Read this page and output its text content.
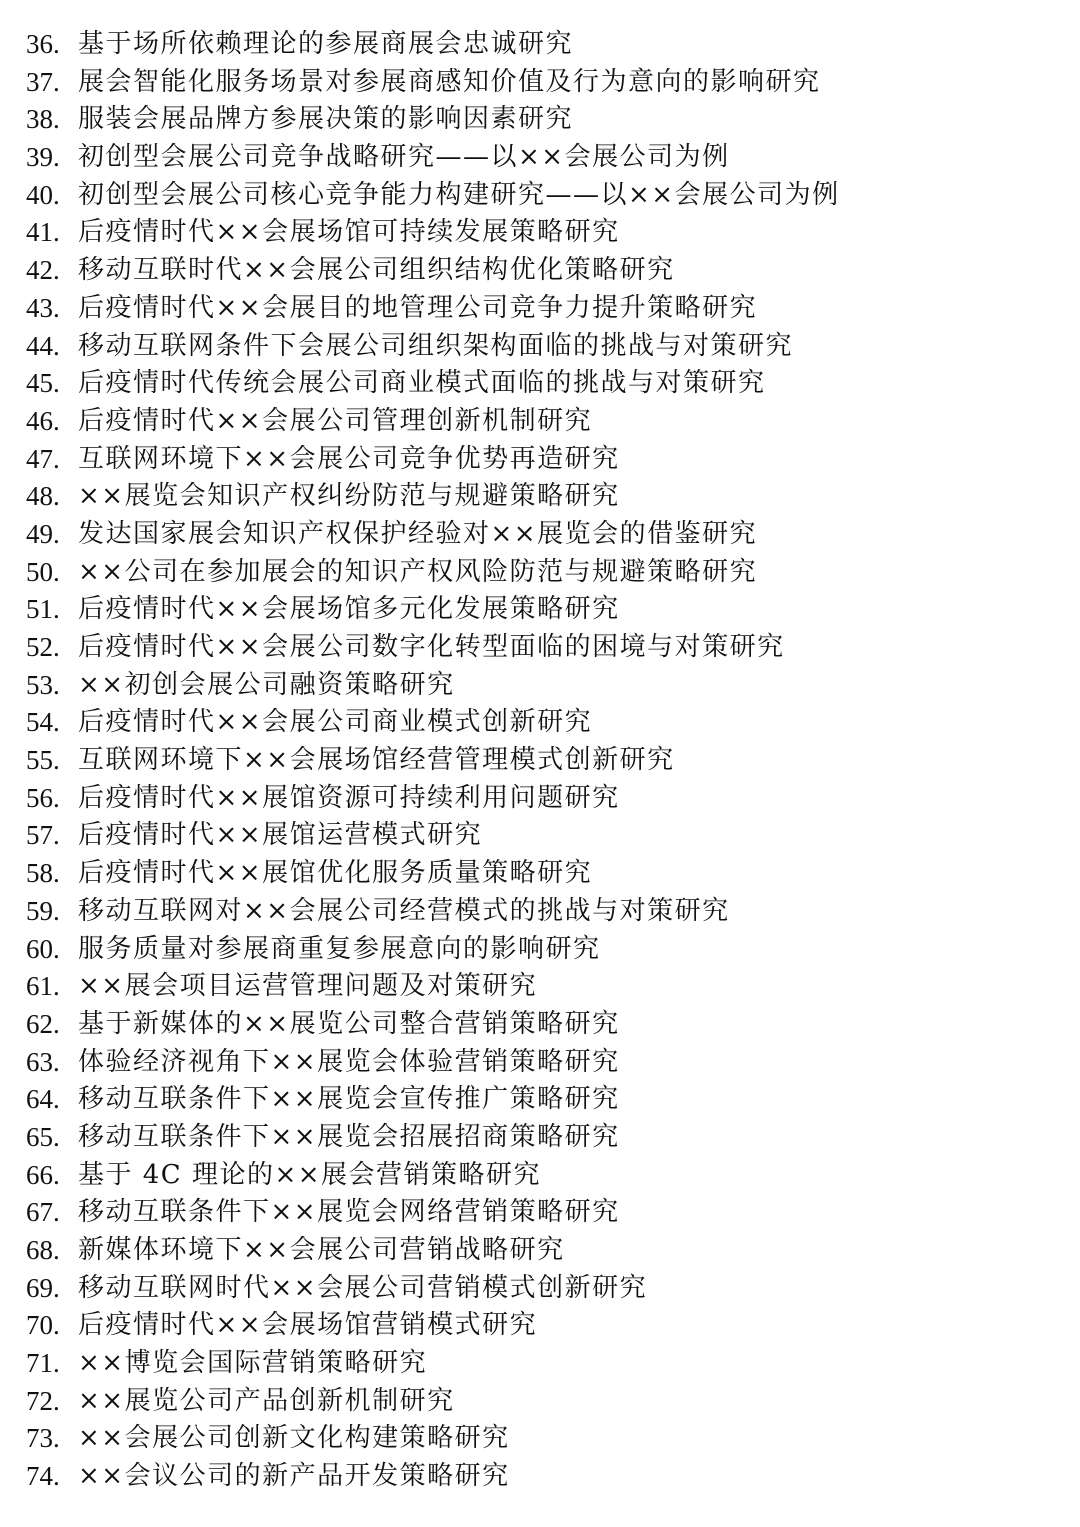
36. 基于场所依赖理论的参展商展会忠诚研究
37. 展会智能化服务场景对参展商感知价值及行为意向的影响研究
38. 服装会展品牌方参展决策的影响因素研究
39. 初创型会展公司竞争战略研究——以××会展公司为例
40. 初创型会展公司核心竞争能力构建研究——以××会展公司为例
41. 后疫情时代××会展场馆可持续发展策略研究
42. 移动互联时代××会展公司组织结构优化策略研究
43. 后疫情时代××会展目的地管理公司竞争力提升策略研究
44. 移动互联网条件下会展公司组织架构面临的挑战与对策研究
45. 后疫情时代传统会展公司商业模式面临的挑战与对策研究
46. 后疫情时代××会展公司管理创新机制研究
47. 互联网环境下××会展公司竞争优势再造研究
48. ××展览会知识产权纠纷防范与规避策略研究
49. 发达国家展会知识产权保护经验对××展览会的借鉴研究
50. ××公司在参加展会的知识产权风险防范与规避策略研究
51. 后疫情时代××会展场馆多元化发展策略研究
52. 后疫情时代××会展公司数字化转型面临的困境与对策研究
53. ××初创会展公司融资策略研究
54. 后疫情时代××会展公司商业模式创新研究
55. 互联网环境下××会展场馆经营管理模式创新研究
56. 后疫情时代××展馆资源可持续利用问题研究
57. 后疫情时代××展馆运营模式研究
58. 后疫情时代××展馆优化服务质量策略研究
59. 移动互联网对××会展公司经营模式的挑战与对策研究
60. 服务质量对参展商重复参展意向的影响研究
61. ××展会项目运营管理问题及对策研究
62. 基于新媒体的××展览公司整合营销策略研究
63. 体验经济视角下××展览会体验营销策略研究
64. 移动互联条件下××展览会宣传推广策略研究
65. 移动互联条件下××展览会招展招商策略研究
66. 基于 4C 理论的××展会营销策略研究
67. 移动互联条件下××展览会网络营销策略研究
68. 新媒体环境下××会展公司营销战略研究
69. 移动互联网时代××会展公司营销模式创新研究
70. 后疫情时代××会展场馆营销模式研究
71. ××博览会国际营销策略研究
72. ××展览公司产品创新机制研究
73. ××会展公司创新文化构建策略研究
74. ××会议公司的新产品开发策略研究
